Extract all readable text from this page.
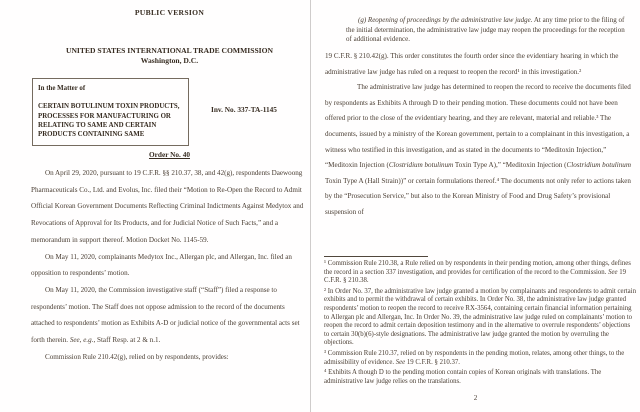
PUBLIC VERSION
UNITED STATES INTERNATIONAL TRADE COMMISSION
Washington, D.C.

In the Matter of

CERTAIN BOTULINUM TOXIN PRODUCTS, PROCESSES FOR MANUFACTURING OR RELATING TO SAME AND CERTAIN PRODUCTS CONTAINING SAME

Inv. No. 337-TA-1145
Order No. 40

On April 29, 2020, pursuant to 19 C.F.R. §§ 210.37, 38, and 42(g), respondents Daewoong Pharmaceuticals Co., Ltd. and Evolus, Inc. filed their “Motion to Re-Open the Record to Admit Official Korean Government Documents Reflecting Criminal Indictments Against Medytox and Revocations of Approval for Its Products, and for Judicial Notice of Such Facts,” and a memorandum in support thereof. Motion Docket No. 1145-59.

On May 11, 2020, complainants Medytox Inc., Allergan plc, and Allergan, Inc. filed an opposition to respondents’ motion.

On May 11, 2020, the Commission investigative staff (“Staff”) filed a response to respondents’ motion. The Staff does not oppose admission to the record of the documents attached to respondents’ motion as Exhibits A-D or judicial notice of the governmental acts set forth therein. See, e.g., Staff Resp. at 2 & n.1.

Commission Rule 210.42(g), relied on by respondents, provides:

(g) Reopening of proceedings by the administrative law judge. At any time prior to the filing of the initial determination, the administrative law judge may reopen the proceedings for the reception of additional evidence.

19 C.F.R. § 210.42(g). This order constitutes the fourth order since the evidentiary hearing in which the administrative law judge has ruled on a request to reopen the record¹ in this investigation.²

The administrative law judge has determined to reopen the record to receive the documents filed by respondents as Exhibits A through D to their pending motion. These documents could not have been offered prior to the close of the evidentiary hearing, and they are relevant, material and reliable.³ The documents, issued by a ministry of the Korean government, pertain to a complainant in this investigation, a witness who testified in this investigation, and as stated in the documents to “Meditoxin Injection,” “Meditoxin Injection (Clostridium botulinum Toxin Type A),” “Meditoxin Injection (Clostridium botulinum Toxin Type A (Hall Strain))” or certain formulations thereof.⁴ The documents not only refer to actions taken by the “Prosecution Service,” but also to the Korean Ministry of Food and Drug Safety’s provisional suspension of

¹ Commission Rule 210.38, a Rule relied on by respondents in their pending motion, among other things, defines the record in a section 337 investigation, and provides for certification of the record to the Commission. See 19 C.F.R. § 210.38.

² In Order No. 37, the administrative law judge granted a motion by complainants and respondents to admit certain exhibits and to permit the withdrawal of certain exhibits. In Order No. 38, the administrative law judge granted respondents’ motion to reopen the record to receive RX-3564, containing certain financial information pertaining to Allergan plc and Allergan, Inc. In Order No. 39, the administrative law judge ruled on complainants’ motion to reopen the record to admit certain deposition testimony and in the alternative to overrule respondents’ objections to certain 30(b)(6)-style designations. The administrative law judge granted the motion by overruling the objections.

³ Commission Rule 210.37, relied on by respondents in the pending motion, relates, among other things, to the admissibility of evidence. See 19 C.F.R. § 210.37.

⁴ Exhibits A though D to the pending motion contain copies of Korean originals with translations. The administrative law judge relies on the translations.

2
